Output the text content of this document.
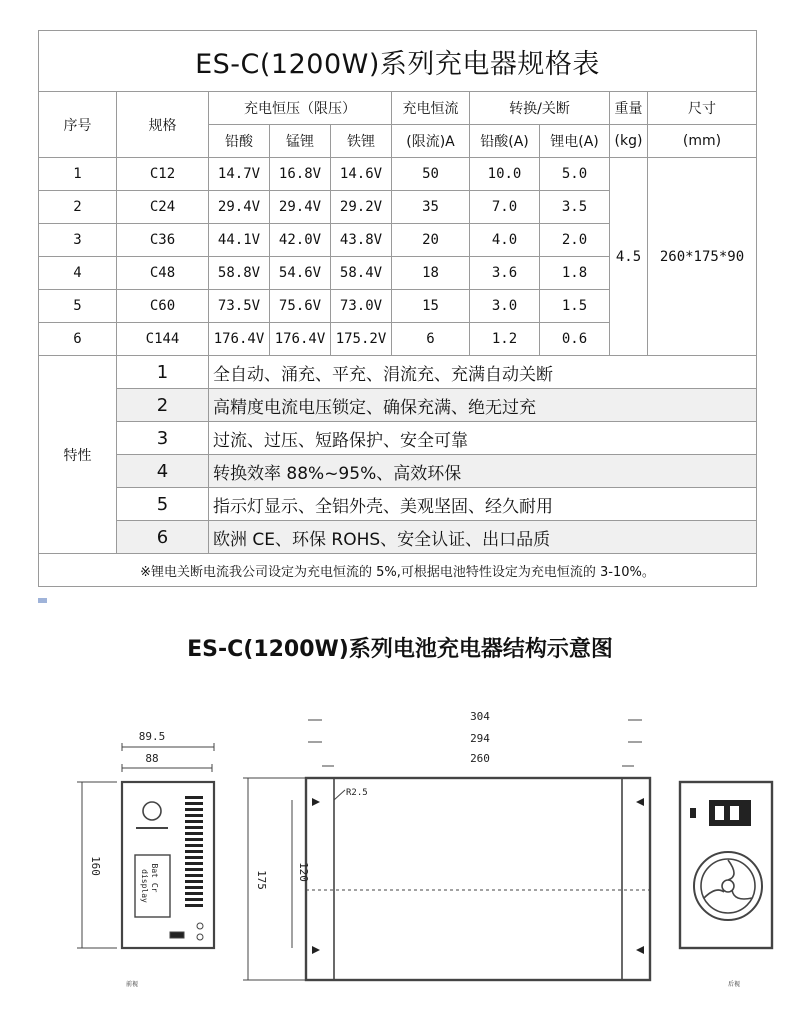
ES-C(1200W)系列充电器规格表									
序号	规格	充电恒压（限压）			充电恒流	转换/关断		重量	尺寸
		铅酸	锰锂	铁锂	(限流)A	铅酸(A)	锂电(A)	(kg)	(mm)
1	C12	14.7V	16.8V	14.6V	50	10.0	5.0	4.5	260*175*90
2	C24	29.4V	29.4V	29.2V	35	7.0	3.5		
3	C36	44.1V	42.0V	43.8V	20	4.0	2.0		
4	C48	58.8V	54.6V	58.4V	18	3.6	1.8		
5	C60	73.5V	75.6V	73.0V	15	3.0	1.5		
6	C144	176.4V	176.4V	175.2V	6	1.2	0.6		
特性	1	全自动、涌充、平充、涓流充、充满自动关断							
	2	高精度电流电压锁定、确保充满、绝无过充							
	3	过流、过压、短路保护、安全可靠							
	4	转换效率 88%~95%、高效环保							
	5	指示灯显示、全铝外壳、美观坚固、经久耐用							
	6	欧洲 CE、环保 ROHS、安全认证、出口品质							
※锂电关断电流我公司设定为充电恒流的 5%,可根据电池特性设定为充电恒流的 3-10%。									
ES-C(1200W)系列电池充电器结构示意图
89.5
88
160	Bat Cr
display
前视
304
294
260
175	120
R2.5
后视
